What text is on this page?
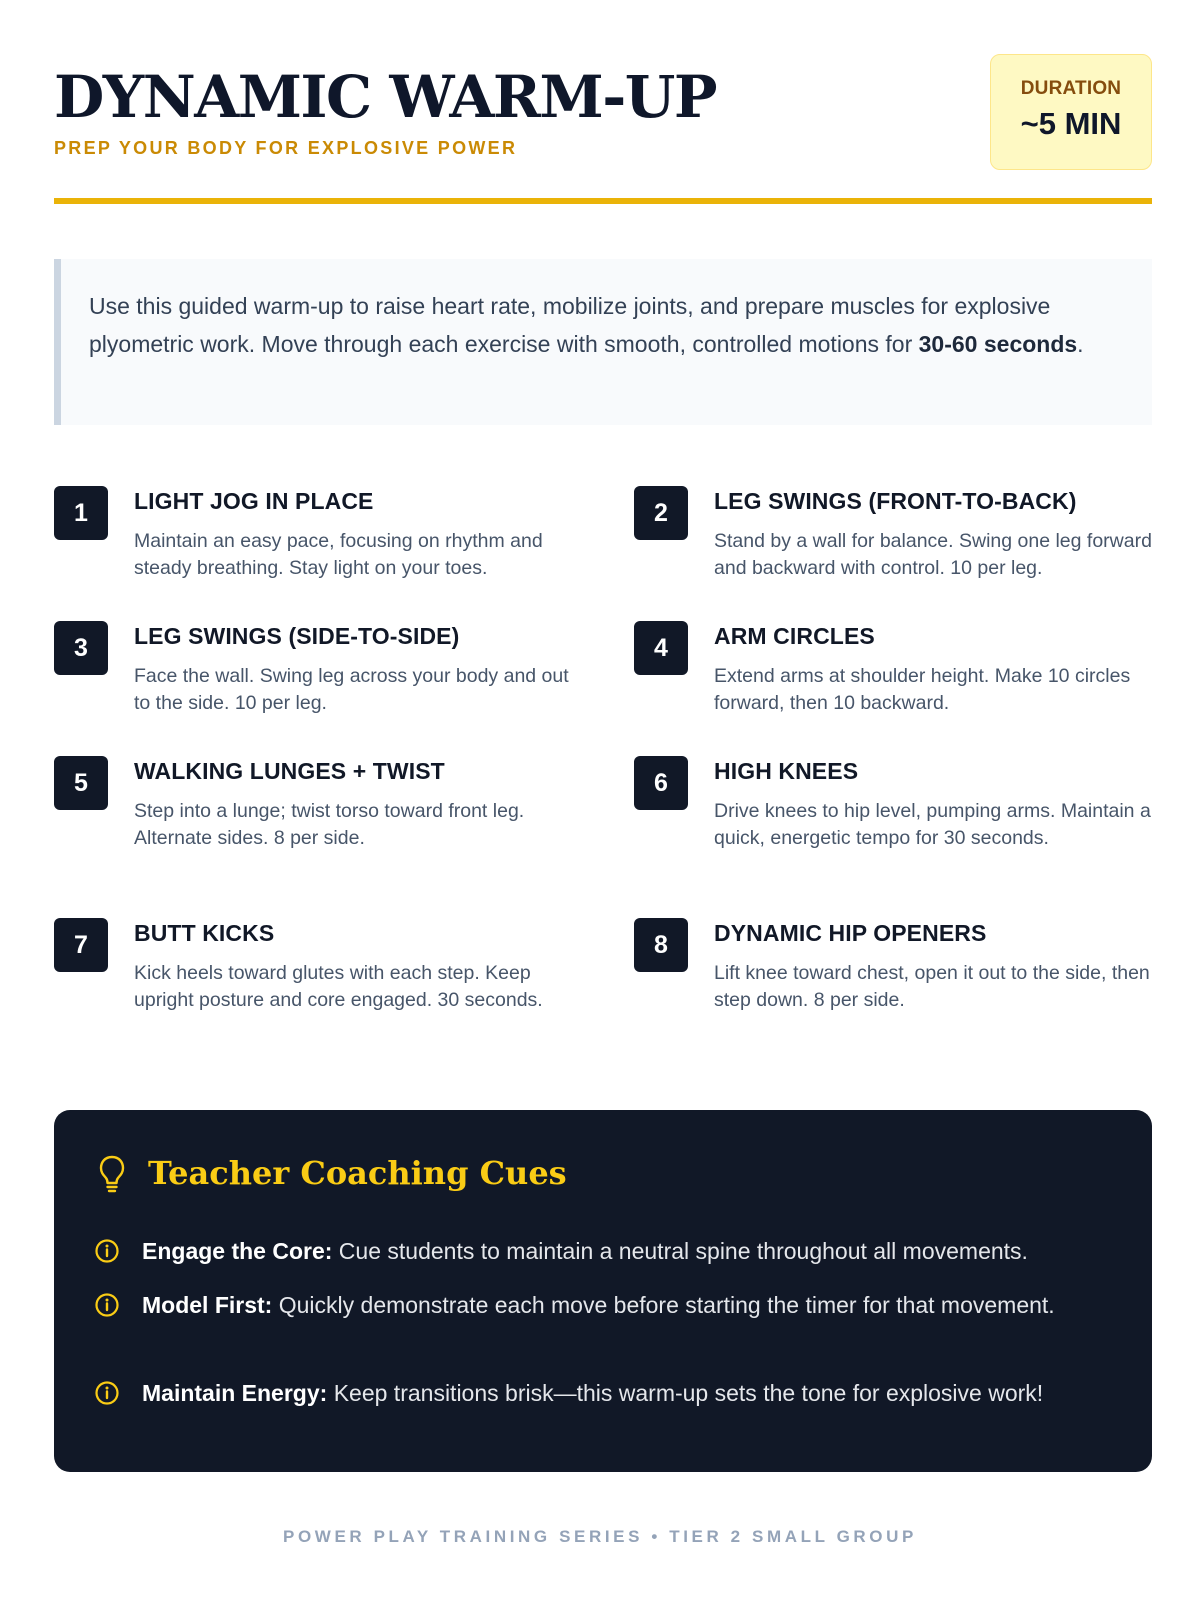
DYNAMIC WARM-UP
PREP YOUR BODY FOR EXPLOSIVE POWER
DURATION
~5 MIN
Use this guided warm-up to raise heart rate, mobilize joints, and prepare muscles for explosive plyometric work. Move through each exercise with smooth, controlled motions for 30-60 seconds.
1	LIGHT JOG IN PLACE
Maintain an easy pace, focusing on rhythm and steady breathing. Stay light on your toes.
2	LEG SWINGS (FRONT-TO-BACK)
Stand by a wall for balance. Swing one leg forward and backward with control. 10 per leg.
3	LEG SWINGS (SIDE-TO-SIDE)
Face the wall. Swing leg across your body and out to the side. 10 per leg.
4	ARM CIRCLES
Extend arms at shoulder height. Make 10 circles forward, then 10 backward.
5	WALKING LUNGES + TWIST
Step into a lunge; twist torso toward front leg. Alternate sides. 8 per side.
6	HIGH KNEES
Drive knees to hip level, pumping arms. Maintain a quick, energetic tempo for 30 seconds.
7	BUTT KICKS
Kick heels toward glutes with each step. Keep upright posture and core engaged. 30 seconds.
8	DYNAMIC HIP OPENERS
Lift knee toward chest, open it out to the side, then step down. 8 per side.
Teacher Coaching Cues
Engage the Core: Cue students to maintain a neutral spine throughout all movements.
Model First: Quickly demonstrate each move before starting the timer for that movement.
Maintain Energy: Keep transitions brisk—this warm-up sets the tone for explosive work!
POWER PLAY TRAINING SERIES • TIER 2 SMALL GROUP
